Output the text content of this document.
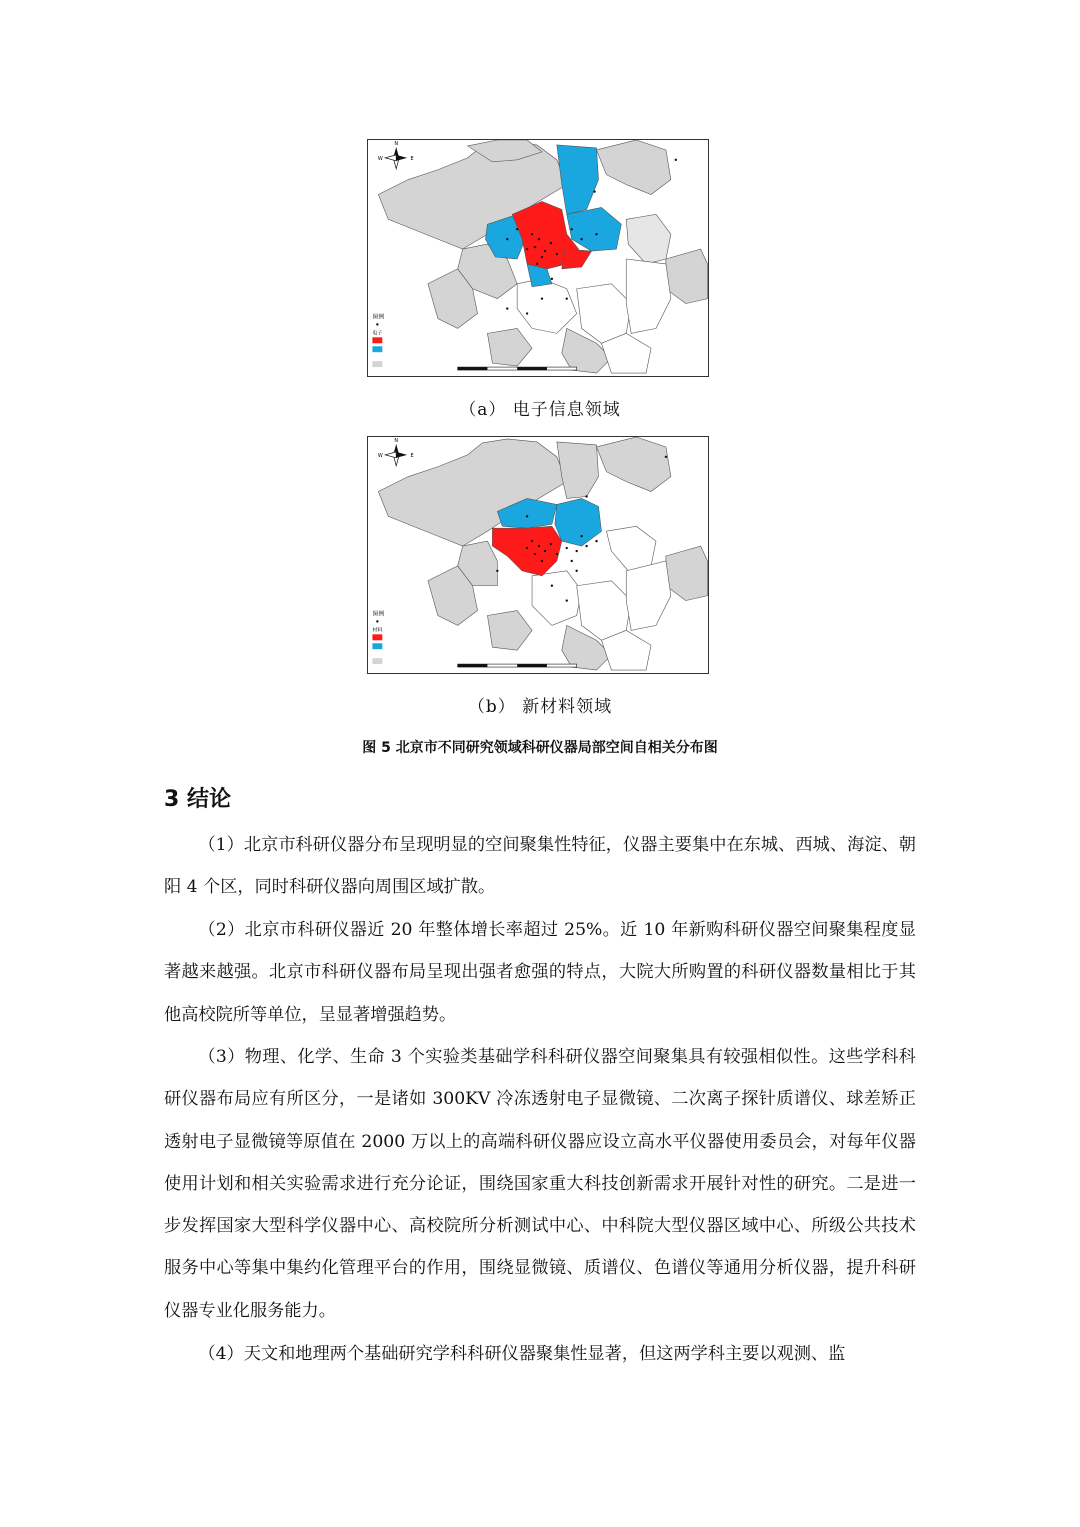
N
W	E
图例
电子
（a） 电子信息领域
N
W	E
图例
材料
（b） 新材料领域
图 5 北京市不同研究领域科研仪器局部空间自相关分布图
3 结论

（1）北京市科研仪器分布呈现明显的空间聚集性特征，仪器主要集中在东城、西城、海淀、朝阳 4 个区，同时科研仪器向周围区域扩散。

（2）北京市科研仪器近 20 年整体增长率超过 25%。近 10 年新购科研仪器空间聚集程度显著越来越强。北京市科研仪器布局呈现出强者愈强的特点，大院大所购置的科研仪器数量相比于其他高校院所等单位，呈显著增强趋势。

（3）物理、化学、生命 3 个实验类基础学科科研仪器空间聚集具有较强相似性。这些学科科研仪器布局应有所区分，一是诸如 300KV 冷冻透射电子显微镜、二次离子探针质谱仪、球差矫正透射电子显微镜等原值在 2000 万以上的高端科研仪器应设立高水平仪器使用委员会，对每年仪器使用计划和相关实验需求进行充分论证，围绕国家重大科技创新需求开展针对性的研究。二是进一步发挥国家大型科学仪器中心、高校院所分析测试中心、中科院大型仪器区域中心、所级公共技术服务中心等集中集约化管理平台的作用，围绕显微镜、质谱仪、色谱仪等通用分析仪器，提升科研仪器专业化服务能力。

（4）天文和地理两个基础研究学科科研仪器聚集性显著，但这两学科主要以观测、监
